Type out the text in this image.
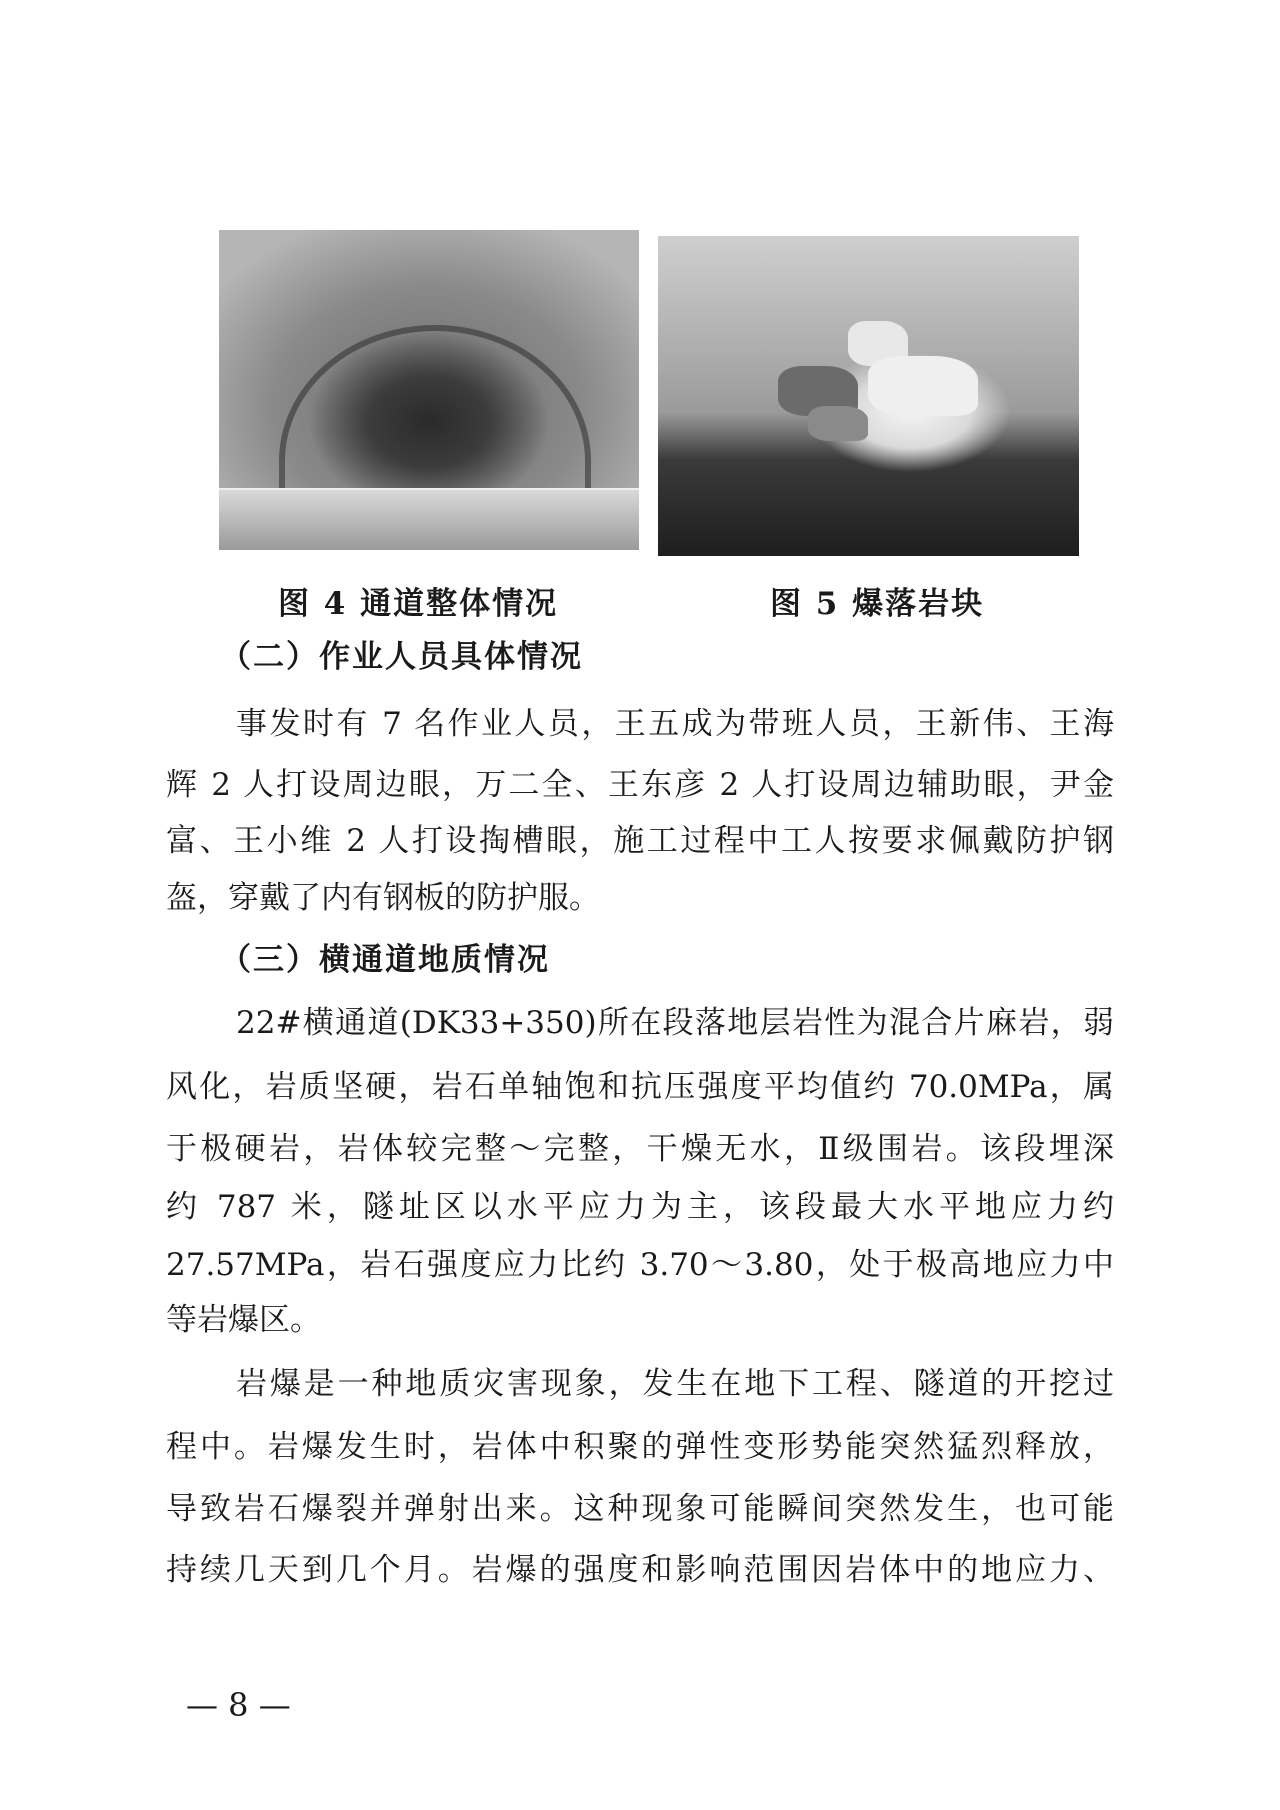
图 4 通道整体情况	图 5 爆落岩块
（二）作业人员具体情况
事发时有 7 名作业人员，王五成为带班人员，王新伟、王海
辉 2 人打设周边眼，万二全、王东彦 2 人打设周边辅助眼，尹金
富、王小维 2 人打设掏槽眼，施工过程中工人按要求佩戴防护钢
盔，穿戴了内有钢板的防护服。
（三）横通道地质情况
22#横通道(DK33+350)所在段落地层岩性为混合片麻岩，弱
风化，岩质坚硬，岩石单轴饱和抗压强度平均值约 70.0MPa，属
于极硬岩，岩体较完整～完整，干燥无水，Ⅱ级围岩。该段埋深
约 787 米，隧址区以水平应力为主，该段最大水平地应力约
27.57MPa，岩石强度应力比约 3.70～3.80，处于极高地应力中
等岩爆区。
岩爆是一种地质灾害现象，发生在地下工程、隧道的开挖过
程中。岩爆发生时，岩体中积聚的弹性变形势能突然猛烈释放，
导致岩石爆裂并弹射出来。这种现象可能瞬间突然发生，也可能
持续几天到几个月。岩爆的强度和影响范围因岩体中的地应力、
— 8 —
